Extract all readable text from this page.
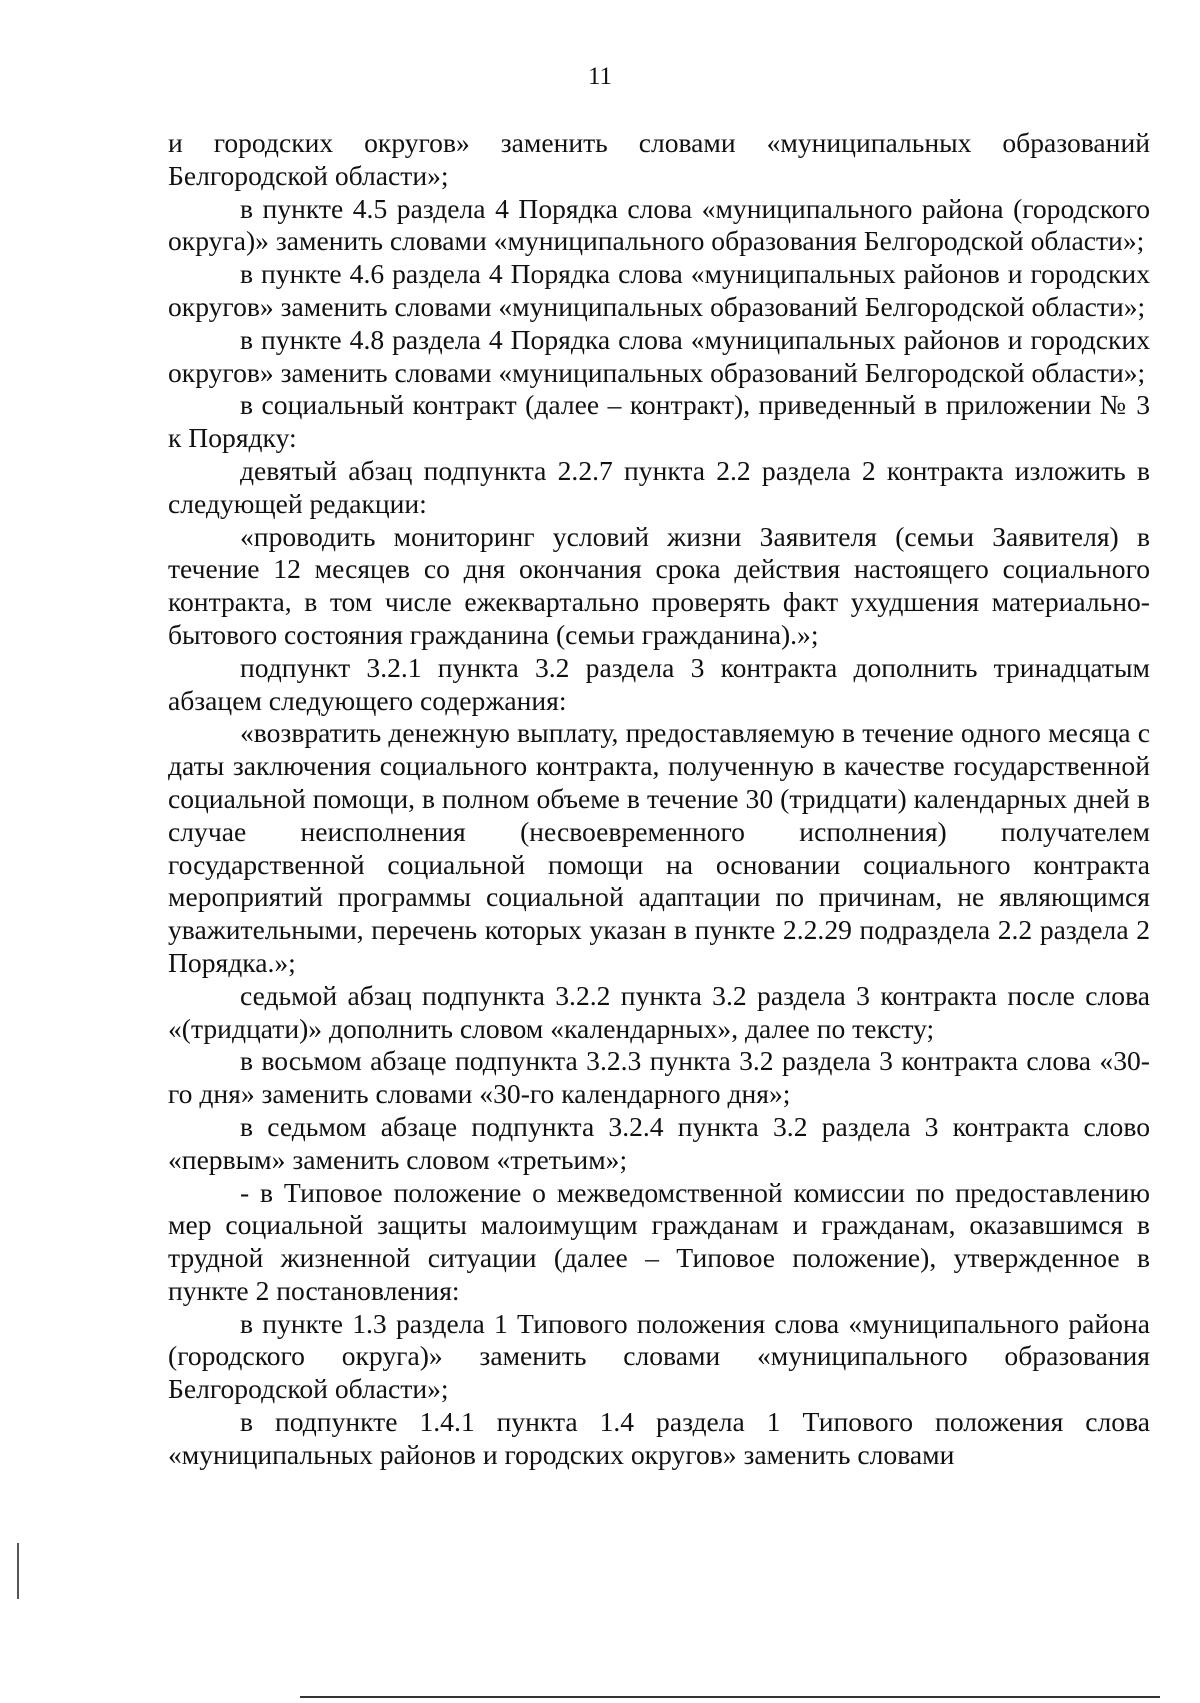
11

и городских округов» заменить словами «муниципальных образований Белгородской области»;

в пункте 4.5 раздела 4 Порядка слова «муниципального района (городского округа)» заменить словами «муниципального образования Белгородской области»;

в пункте 4.6 раздела 4 Порядка слова «муниципальных районов и городских округов» заменить словами «муниципальных образований Белгородской области»;

в пункте 4.8 раздела 4 Порядка слова «муниципальных районов и городских округов» заменить словами «муниципальных образований Белгородской области»;

в социальный контракт (далее – контракт), приведенный в приложении № 3 к Порядку:

девятый абзац подпункта 2.2.7 пункта 2.2 раздела 2 контракта изложить в следующей редакции:

«проводить мониторинг условий жизни Заявителя (семьи Заявителя) в течение 12 месяцев со дня окончания срока действия настоящего социального контракта, в том числе ежеквартально проверять факт ухудшения материально-бытового состояния гражданина (семьи гражданина).»;

подпункт 3.2.1 пункта 3.2 раздела 3 контракта дополнить тринадцатым абзацем следующего содержания:

«возвратить денежную выплату, предоставляемую в течение одного месяца с даты заключения социального контракта, полученную в качестве государственной социальной помощи, в полном объеме в течение 30 (тридцати) календарных дней в случае неисполнения (несвоевременного исполнения) получателем государственной социальной помощи на основании социального контракта мероприятий программы социальной адаптации по причинам, не являющимся уважительными, перечень которых указан в пункте 2.2.29 подраздела 2.2 раздела 2 Порядка.»;

седьмой абзац подпункта 3.2.2 пункта 3.2 раздела 3 контракта после слова «(тридцати)» дополнить словом «календарных», далее по тексту;

в восьмом абзаце подпункта 3.2.3 пункта 3.2 раздела 3 контракта слова «30-го дня» заменить словами «30-го календарного дня»;

в седьмом абзаце подпункта 3.2.4 пункта 3.2 раздела 3 контракта слово «первым» заменить словом «третьим»;

- в Типовое положение о межведомственной комиссии по предоставлению мер социальной защиты малоимущим гражданам и гражданам, оказавшимся в трудной жизненной ситуации (далее – Типовое положение), утвержденное в пункте 2 постановления:

в пункте 1.3 раздела 1 Типового положения слова «муниципального района (городского округа)» заменить словами «муниципального образования Белгородской области»;

в подпункте 1.4.1 пункта 1.4 раздела 1 Типового положения слова «муниципальных районов и городских округов» заменить словами
